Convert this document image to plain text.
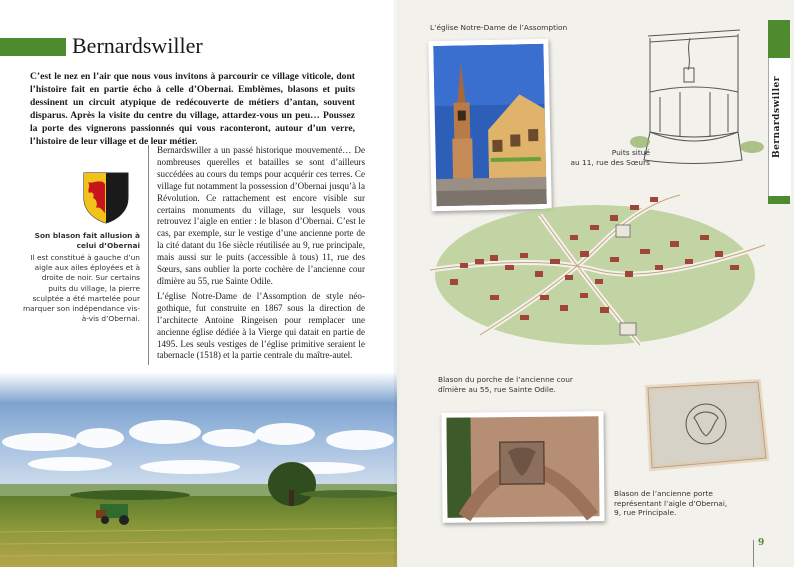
Bernardswiller

C’est le nez en l’air que nous vous invitons à parcourir ce village viticole, dont l’histoire fait en partie écho à celle d’Obernai. Emblèmes, blasons et puits dessinent un circuit atypique de redécouverte de métiers d’antan, souvent disparus. Après la visite du centre du village, attardez-vous un peu… Poussez la porte des vignerons passionnés qui vous raconteront, autour d’un verre, l’histoire de leur village et de leur métier.

Son blason fait allusion à celui d’Obernai

Il est constitué à gauche d’un aigle aux ailes éployées et à droite de noir. Sur certains puits du village, la pierre sculptée a été martelée pour marquer son indépendance vis-à-vis d’Obernai.

Bernardswiller a un passé historique mouvementé… De nombreuses querelles et batailles se sont d’ailleurs succédées au cours du temps pour acquérir ces terres. Ce village fut notamment la possession d’Obernai jusqu’à la Révolution. Ce rattachement est encore visible sur certains monuments du village, sur lesquels vous retrouvez l’aigle en entier : le blason d’Obernai. C’est le cas, par exemple, sur le vestige d’une ancienne porte de la cité datant du 16e siècle réutilisée au 9, rue principale, mais aussi sur le puits (accessible à tous) 11, rue des Sœurs, sans oublier la porte cochère de l’ancienne cour dîmière au 55, rue Sainte Odile.

L’église Notre-Dame de l’Assomption de style néo-gothique, fut construite en 1867 sous la direction de l’architecte Antoine Ringeisen pour remplacer une ancienne église dédiée à la Vierge qui datait en partie de 1495. Les seuls vestiges de l’église primitive seraient le tabernacle (1518) et la partie centrale du maître-autel.

L’église Notre-Dame de l’Assomption

Puits situé
au 11, rue des Sœurs

Blason du porche de l’ancienne cour
dîmière au 55, rue Sainte Odile.

Blason de l’ancienne porte
représentant l’aigle d’Obernai,
9, rue Principale.

Bernardswiller
9
